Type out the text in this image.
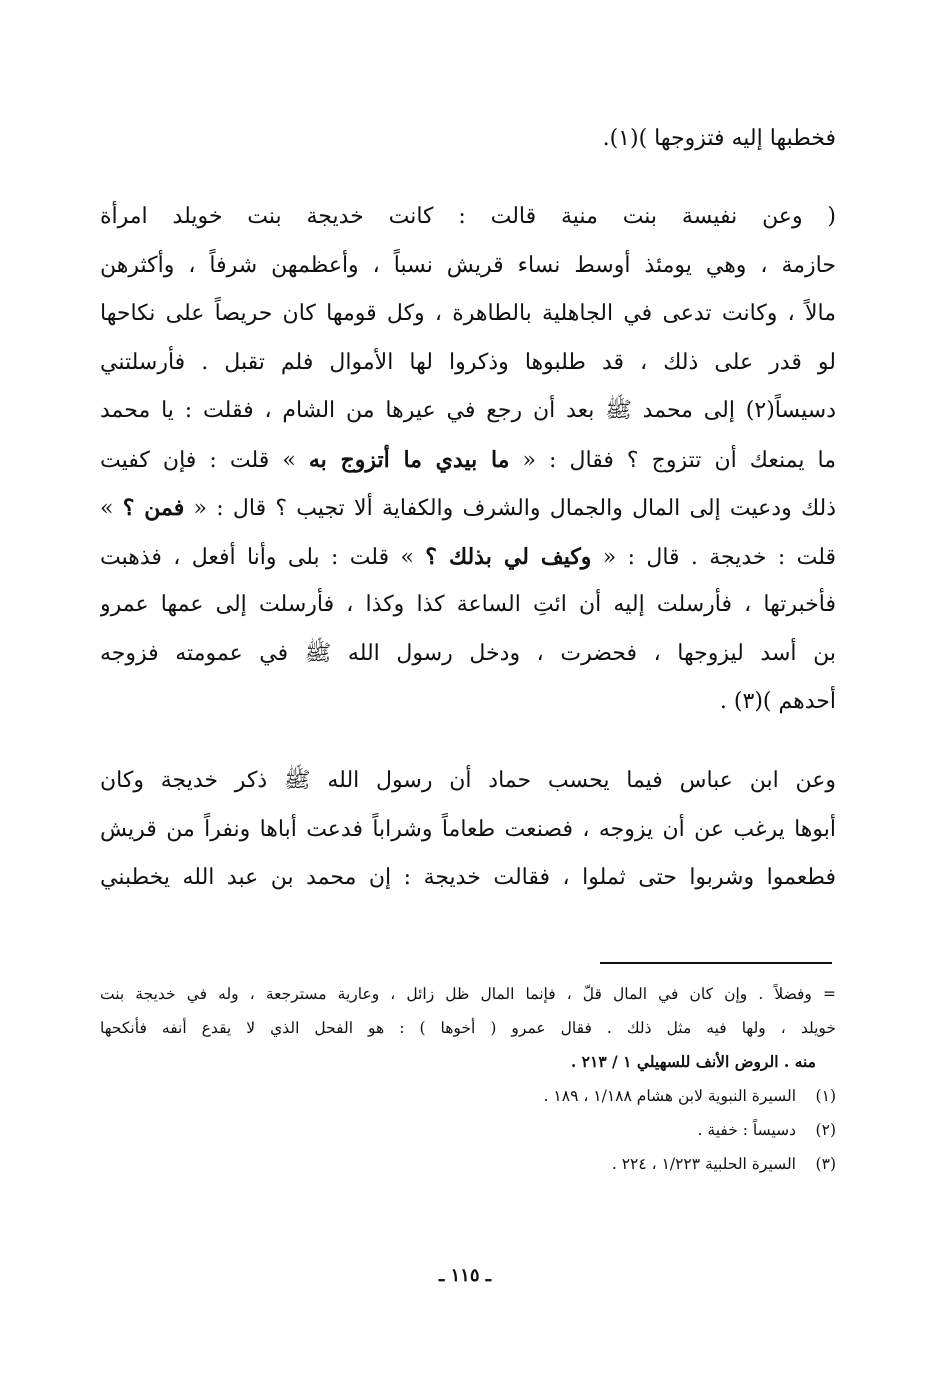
فخطبها إليه فتزوجها )(١).
( وعن نفيسة بنت منية قالت : كانت خديجة بنت خويلد امرأة
حازمة ، وهي يومئذ أوسط نساء قريش نسباً ، وأعظمهن شرفاً ، وأكثرهن
مالاً ، وكانت تدعى في الجاهلية بالطاهرة ، وكل قومها كان حريصاً على نكاحها
لو قدر على ذلك ، قد طلبوها وذكروا لها الأموال فلم تقبل . فأرسلتني
دسيساً(٢) إلى محمد ﷺ بعد أن رجع في عيرها من الشام ، فقلت : يا محمد
ما يمنعك أن تتزوج ؟ فقال : « ما بيدي ما أتزوج به » قلت : فإن كفيت
ذلك ودعيت إلى المال والجمال والشرف والكفاية ألا تجيب ؟ قال : « فمن ؟ »
قلت : خديجة . قال : « وكيف لي بذلك ؟ » قلت : بلى وأنا أفعل ، فذهبت
فأخبرتها ، فأرسلت إليه أن ائتِ الساعة كذا وكذا ، فأرسلت إلى عمها عمرو
بن أسد ليزوجها ، فحضرت ، ودخل رسول الله ﷺ في عمومته فزوجه
أحدهم )(٣) .
وعن ابن عباس فيما يحسب حماد أن رسول الله ﷺ ذكر خديجة وكان
أبوها يرغب عن أن يزوجه ، فصنعت طعاماً وشراباً فدعت أباها ونفراً من قريش
فطعموا وشربوا حتى ثملوا ، فقالت خديجة : إن محمد بن عبد الله يخطبني
= وفضلاً . وإن كان في المال قلّ ، فإنما المال ظل زائل ، وعارية مسترجعة ، وله في خديجة بنت
خويلد ، ولها فيه مثل ذلك . فقال عمرو ( أخوها ) : هو الفحل الذي لا يقدع أنفه فأنكحها
منه . الروض الأنف للسهيلي ١ / ٢١٣ .
(١)السيرة النبوية لابن هشام ١/١٨٨ ، ١٨٩ .
(٢)دسيساً : خفية .
(٣)السيرة الحلبية ١/٢٢٣ ، ٢٢٤ .
ـ ١١٥ ـ
